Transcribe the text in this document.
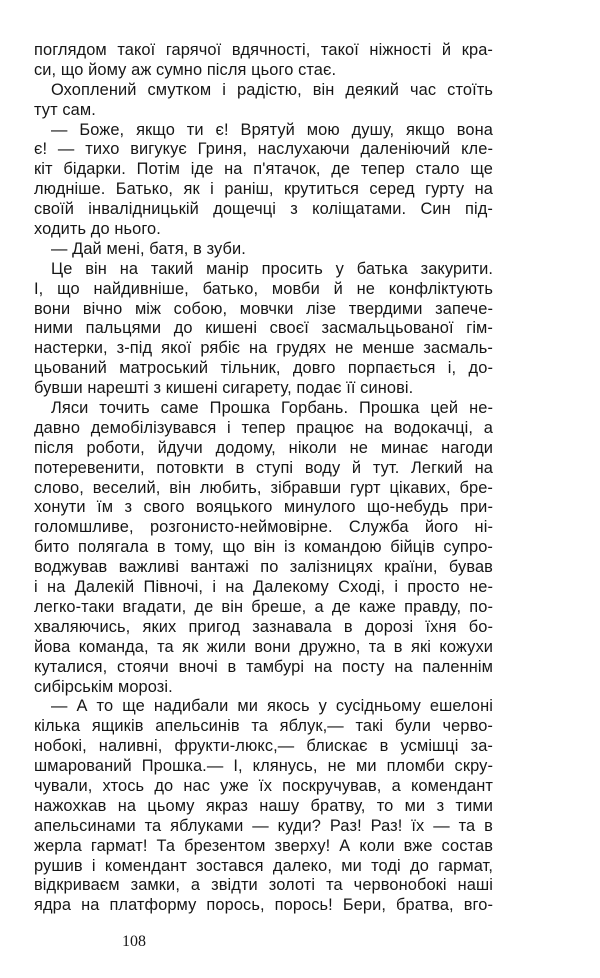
поглядом такої гарячої вдячності, такої ніжності й кра-
си, що йому аж сумно після цього стає.
Охоплений смутком і радістю, він деякий час стоїть
тут сам.
— Боже, якщо ти є! Врятуй мою душу, якщо вона
є! — тихо вигукує Гриня, наслухаючи даленіючий кле-
кіт бідарки. Потім іде на п'ятачок, де тепер стало ще
людніше. Батько, як і раніш, крутиться серед гурту на
своїй інвалідницькій дощечці з коліщатами. Син під-
ходить до нього.
— Дай мені, батя, в зуби.
Це він на такий манір просить у батька закурити.
І, що найдивніше, батько, мовби й не конфліктують
вони вічно між собою, мовчки лізе твердими запече-
ними пальцями до кишені своєї засмальцьованої гім-
настерки, з-під якої рябіє на грудях не менше засмаль-
цьований матроський тільник, довго порпається і, до-
бувши нарешті з кишені сигарету, подає її синові.
Ляси точить саме Прошка Горбань. Прошка цей не-
давно демобілізувався і тепер працює на водокачці, а
після роботи, йдучи додому, ніколи не минає нагоди
потеревенити, потовкти в ступі воду й тут. Легкий на
слово, веселий, він любить, зібравши гурт цікавих, бре-
хонути їм з свого вояцького минулого що-небудь при-
голомшливе, розгонисто-неймовірне. Служба його ні-
бито полягала в тому, що він із командою бійців супро-
воджував важливі вантажі по залізницях країни, бував
і на Далекій Півночі, і на Далекому Сході, і просто не-
легко-таки вгадати, де він бреше, а де каже правду, по-
хваляючись, яких пригод зазнавала в дорозі їхня бо-
йова команда, та як жили вони дружно, та в які кожухи
куталися, стоячи вночі в тамбурі на посту на паленнім
сибірськім морозі.
— А то ще надибали ми якось у сусідньому ешелоні
кілька ящиків апельсинів та яблук,— такі були черво-
нобокі, наливні, фрукти-люкс,— блискає в усмішці за-
шмарований Прошка.— І, клянусь, не ми пломби скру-
чували, хтось до нас уже їх поскручував, а комендант
нажохкав на цьому якраз нашу братву, то ми з тими
апельсинами та яблуками — куди? Раз! Раз! їх — та в
жерла гармат! Та брезентом зверху! А коли вже состав
рушив і комендант зостався далеко, ми тоді до гармат,
відкриваєм замки, а звідти золоті та червонобокі наші
ядра на платформу порось, порось! Бери, братва, вго-
108
